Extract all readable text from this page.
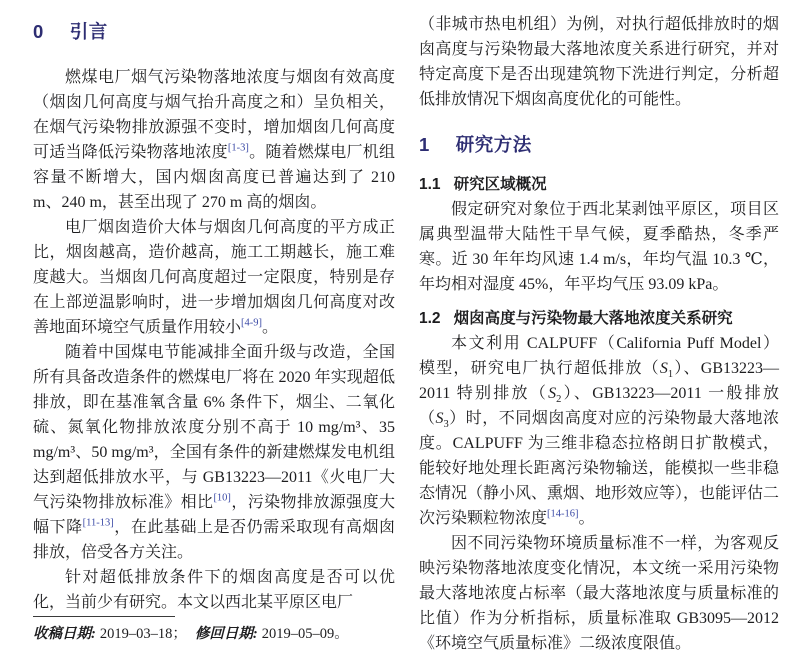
0 引言

燃煤电厂烟气污染物落地浓度与烟囱有效高度（烟囱几何高度与烟气抬升高度之和）呈负相关，在烟气污染物排放源强不变时，增加烟囱几何高度可适当降低污染物落地浓度[1-3]。随着燃煤电厂机组容量不断增大，国内烟囱高度已普遍达到了 210 m、240 m，甚至出现了 270 m 高的烟囱。

电厂烟囱造价大体与烟囱几何高度的平方成正比，烟囱越高，造价越高，施工工期越长，施工难度越大。当烟囱几何高度超过一定限度，特别是存在上部逆温影响时，进一步增加烟囱几何高度对改善地面环境空气质量作用较小[4-9]。

随着中国煤电节能减排全面升级与改造，全国所有具备改造条件的燃煤电厂将在 2020 年实现超低排放，即在基准氧含量 6% 条件下，烟尘、二氧化硫、氮氧化物排放浓度分别不高于 10 mg/m³、35 mg/m³、50 mg/m³，全国有条件的新建燃煤发电机组达到超低排放水平，与 GB13223—2011《火电厂大气污染物排放标准》相比[10]，污染物排放源强度大幅下降[11-13]，在此基础上是否仍需采取现有高烟囱排放，倍受各方关注。

针对超低排放条件下的烟囱高度是否可以优化，当前少有研究。本文以西北某平原区电厂

收稿日期: 2019–03–18； 修回日期: 2019–05–09。

（非城市热电机组）为例，对执行超低排放时的烟囱高度与污染物最大落地浓度关系进行研究，并对特定高度下是否出现建筑物下洗进行判定，分析超低排放情况下烟囱高度优化的可能性。

1 研究方法
1.1 研究区域概况

假定研究对象位于西北某剥蚀平原区，项目区属典型温带大陆性干旱气候，夏季酷热，冬季严寒。近 30 年年均风速 1.4 m/s，年均气温 10.3 ℃，年均相对湿度 45%，年平均气压 93.09 kPa。

1.2 烟囱高度与污染物最大落地浓度关系研究

本文利用 CALPUFF（California Puff Model）模型，研究电厂执行超低排放$(S_1)$、GB13223—2011 特别排放$(S_2)$、GB13223—2011 一般排放$(S_3)$时，不同烟囱高度对应的污染物最大落地浓度。CALPUFF 为三维非稳态拉格朗日扩散模式，能较好地处理长距离污染物输送，能模拟一些非稳态情况（静小风、熏烟、地形效应等），也能评估二次污染颗粒物浓度[14-16]。

因不同污染物环境质量标准不一样，为客观反映污染物落地浓度变化情况，本文统一采用污染物最大落地浓度占标率（最大落地浓度与质量标准的比值）作为分析指标，质量标准取 GB3095—2012《环境空气质量标准》二级浓度限值。
